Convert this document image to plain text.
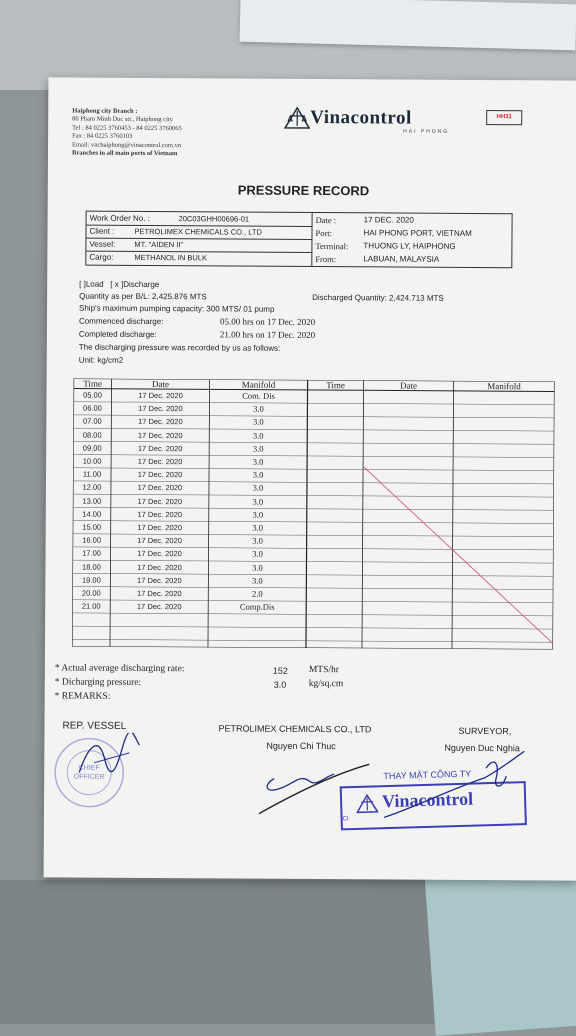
Haiphong city Branch :
80 Pham Minh Duc str., Haiphong city
Tel : 84 0225 3760453 - 84 0225 3760065
Fax : 84 0225 3760103
Email: vnchaiphong@vinacontrol.com.vn
Branches in all main ports of Vietnam
Vinacontrol
HAI PHONG
HH31
PRESSURE RECORD
Work Order No. :	20C03GHH00696-01
Client :	PETROLIMEX CHEMICALS CO., LTD
Vessel:	MT. "AIDEN II"
Cargo:	METHANOL IN BULK
Date :	17 DEC. 2020
Port:	HAI PHONG PORT, VIETNAM
Terminal: THUONG LY, HAIPHONG
From:	LABUAN, MALAYSIA
[ ]Load [ x ]Discharge
Quantity as per B/L: 2,425.876 MTS	Discharged Quantity: 2,424.713 MTS
Ship's maximum pumping capacity: 300 MTS/ 01 pump
Commenced discharge:	05.00 hrs on 17 Dec. 2020
Completed discharge:	21.00 hrs on 17 Dec. 2020
The discharging pressure was recorded by us as follows:
Unit: kg/cm2
Time	Date	Manifold	Time	Date	Manifold
05.00	17 Dec. 2020	Com. Dis
06.00	17 Dec. 2020	3.0
07.00	17 Dec. 2020	3.0
08.00	17 Dec. 2020	3.0
09.00	17 Dec. 2020	3.0
10.00	17 Dec. 2020	3.0
11.00	17 Dec. 2020	3.0
12.00	17 Dec. 2020	3.0
13.00	17 Dec. 2020	3.0
14.00	17 Dec. 2020	3.0
15.00	17 Dec. 2020	3.0
16.00	17 Dec. 2020	3.0
17.00	17 Dec. 2020	3.0
18.00	17 Dec. 2020	3.0
19.00	17 Dec. 2020	3.0
20.00	17 Dec. 2020	2.0
21.00	17 Dec. 2020	Comp.Dis
* Actual average discharging rate:	152 MTS/hr
* Dicharging pressure:	3.0 kg/sq.cm
* REMARKS:
REP. VESSEL	PETROLIMEX CHEMICALS CO., LTD
Nguyen Chi Thuc
SURVEYOR,
Nguyen Duc Nghia
CHIEF
OFFICER	THAY MẶT CÔNG TY
Vinacontrol
CI
